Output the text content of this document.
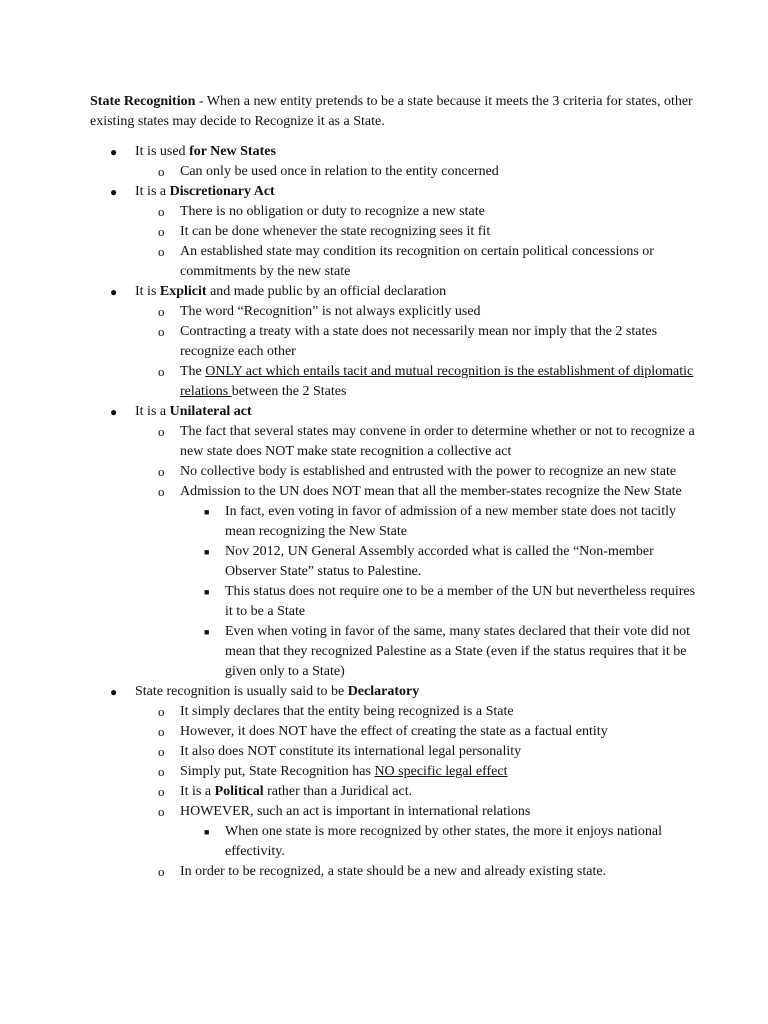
State Recognition - When a new entity pretends to be a state because it meets the 3 criteria for states, other existing states may decide to Recognize it as a State.

● It is used for New States
o Can only be used once in relation to the entity concerned
● It is a Discretionary Act
o There is no obligation or duty to recognize a new state
o It can be done whenever the state recognizing sees it fit
o An established state may condition its recognition on certain political concessions or commitments by the new state
● It is Explicit and made public by an official declaration
o The word “Recognition” is not always explicitly used
o Contracting a treaty with a state does not necessarily mean nor imply that the 2 states recognize each other
o The ONLY act which entails tacit and mutual recognition is the establishment of diplomatic relations between the 2 States
● It is a Unilateral act
o The fact that several states may convene in order to determine whether or not to recognize a new state does NOT make state recognition a collective act
o No collective body is established and entrusted with the power to recognize an new state
o Admission to the UN does NOT mean that all the member-states recognize the New State
■ In fact, even voting in favor of admission of a new member state does not tacitly mean recognizing the New State
■ Nov 2012, UN General Assembly accorded what is called the “Non-member Observer State” status to Palestine.
■ This status does not require one to be a member of the UN but nevertheless requires it to be a State
■ Even when voting in favor of the same, many states declared that their vote did not mean that they recognized Palestine as a State (even if the status requires that it be given only to a State)
● State recognition is usually said to be Declaratory
o It simply declares that the entity being recognized is a State
o However, it does NOT have the effect of creating the state as a factual entity
o It also does NOT constitute its international legal personality
o Simply put, State Recognition has NO specific legal effect
o It is a Political rather than a Juridical act.
o HOWEVER, such an act is important in international relations
■ When one state is more recognized by other states, the more it enjoys national effectivity.
o In order to be recognized, a state should be a new and already existing state.
